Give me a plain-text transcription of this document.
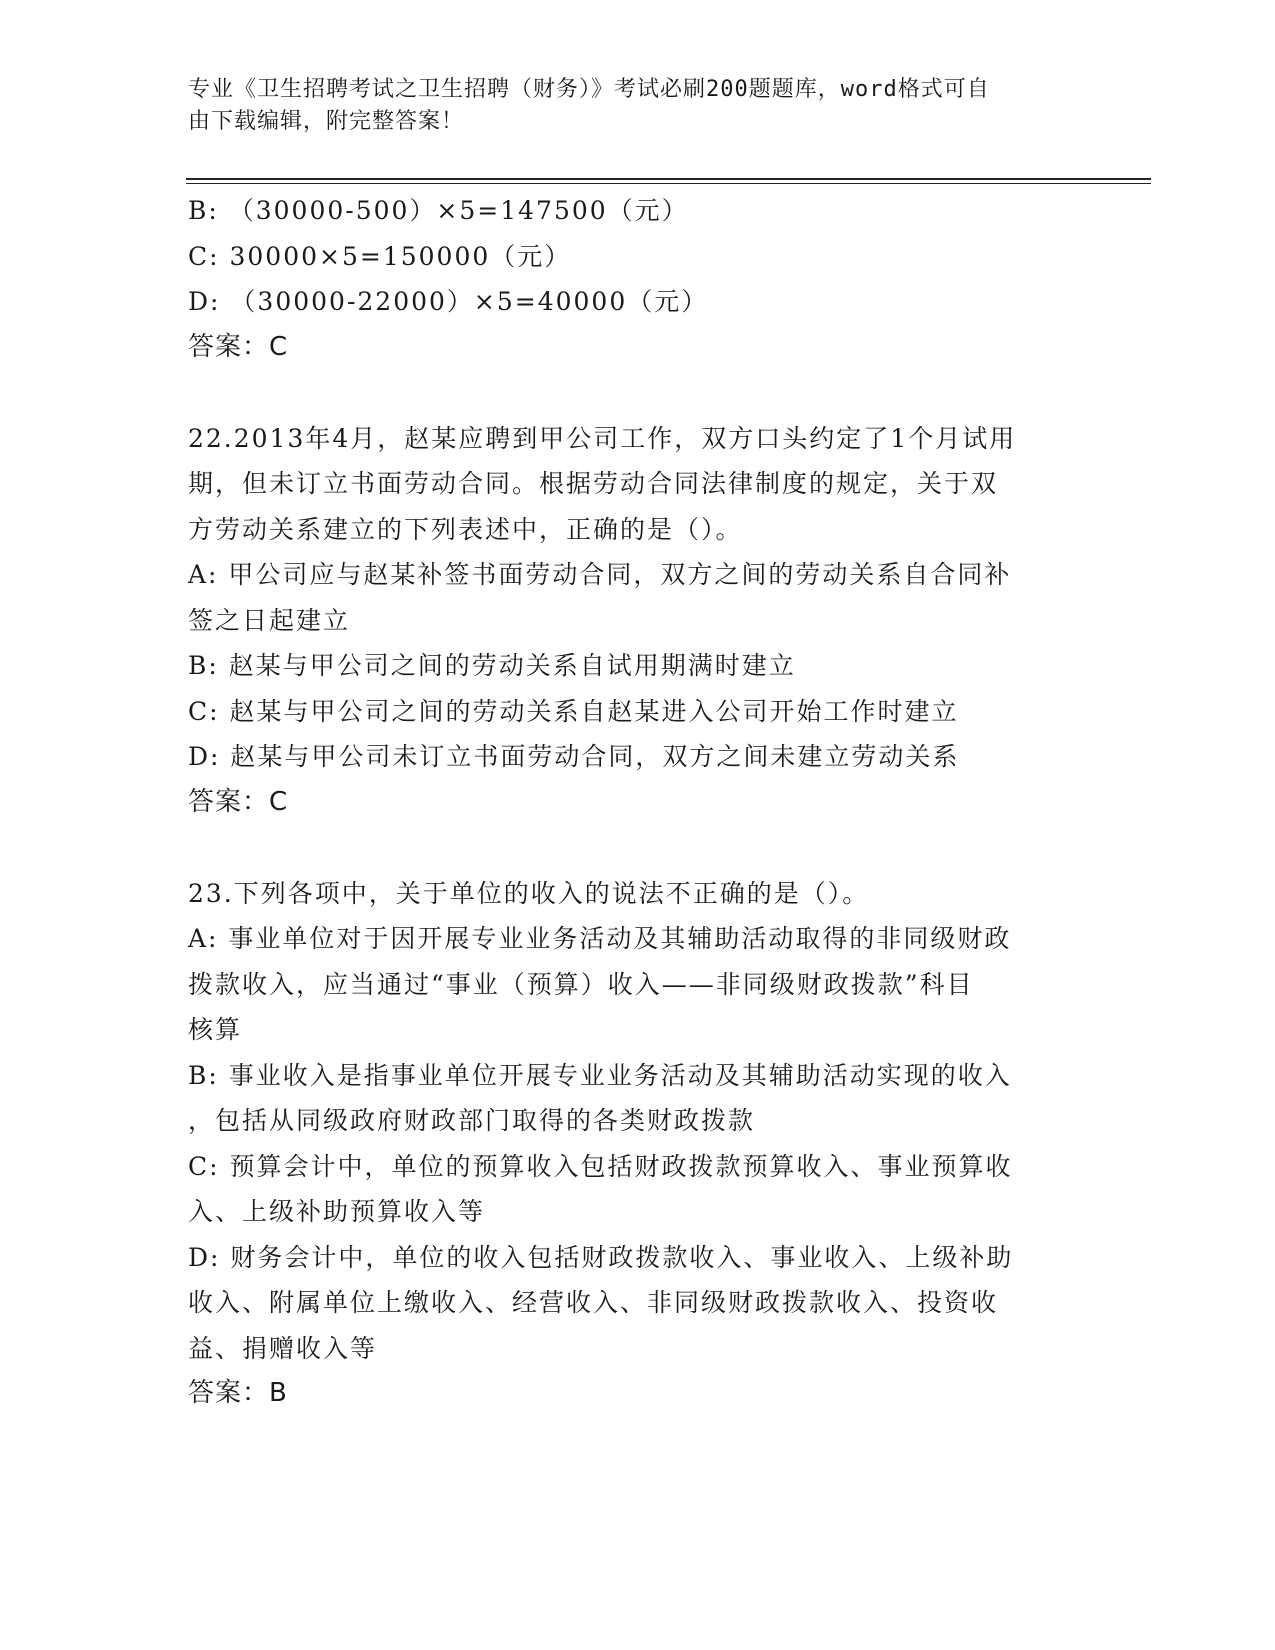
专业《卫生招聘考试之卫生招聘（财务）》考试必刷200题题库，word格式可自
由下载编辑，附完整答案！

B: （30000-500）×5=147500（元）

C: 30000×5=150000（元）

D: （30000-22000）×5=40000（元）

答案：C

22.2013年4月，赵某应聘到甲公司工作，双方口头约定了1个月试用

期，但未订立书面劳动合同。根据劳动合同法律制度的规定，关于双

方劳动关系建立的下列表述中，正确的是（）。

A: 甲公司应与赵某补签书面劳动合同，双方之间的劳动关系自合同补

签之日起建立

B: 赵某与甲公司之间的劳动关系自试用期满时建立

C: 赵某与甲公司之间的劳动关系自赵某进入公司开始工作时建立

D: 赵某与甲公司未订立书面劳动合同，双方之间未建立劳动关系

答案：C

23.下列各项中，关于单位的收入的说法不正确的是（）。

A: 事业单位对于因开展专业业务活动及其辅助活动取得的非同级财政

拨款收入，应当通过“事业（预算）收入——非同级财政拨款”科目

核算

B: 事业收入是指事业单位开展专业业务活动及其辅助活动实现的收入

，包括从同级政府财政部门取得的各类财政拨款

C: 预算会计中，单位的预算收入包括财政拨款预算收入、事业预算收

入、上级补助预算收入等

D: 财务会计中，单位的收入包括财政拨款收入、事业收入、上级补助

收入、附属单位上缴收入、经营收入、非同级财政拨款收入、投资收

益、捐赠收入等

答案：B
